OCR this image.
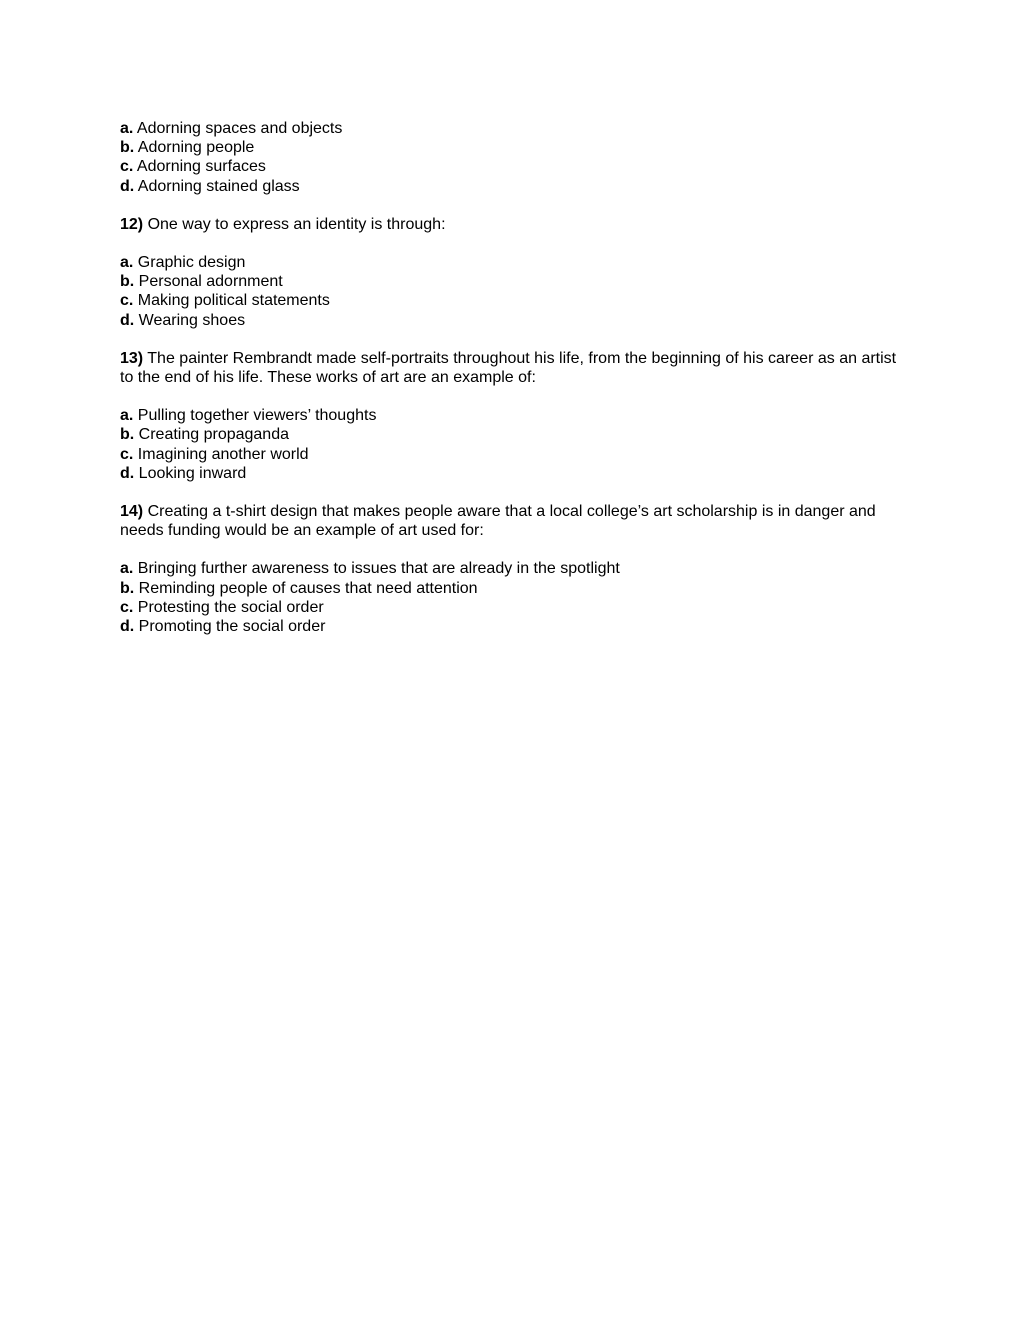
a. Adorning spaces and objects

b. Adorning people

c. Adorning surfaces

d. Adorning stained glass

12) One way to express an identity is through:

a. Graphic design

b. Personal adornment

c. Making political statements

d. Wearing shoes

13) The painter Rembrandt made self-portraits throughout his life, from the beginning of his career as an artist to the end of his life. These works of art are an example of:

a. Pulling together viewers’ thoughts

b. Creating propaganda

c. Imagining another world

d. Looking inward

14) Creating a t-shirt design that makes people aware that a local college’s art scholarship is in danger and needs funding would be an example of art used for:

a. Bringing further awareness to issues that are already in the spotlight

b. Reminding people of causes that need attention

c. Protesting the social order

d. Promoting the social order
